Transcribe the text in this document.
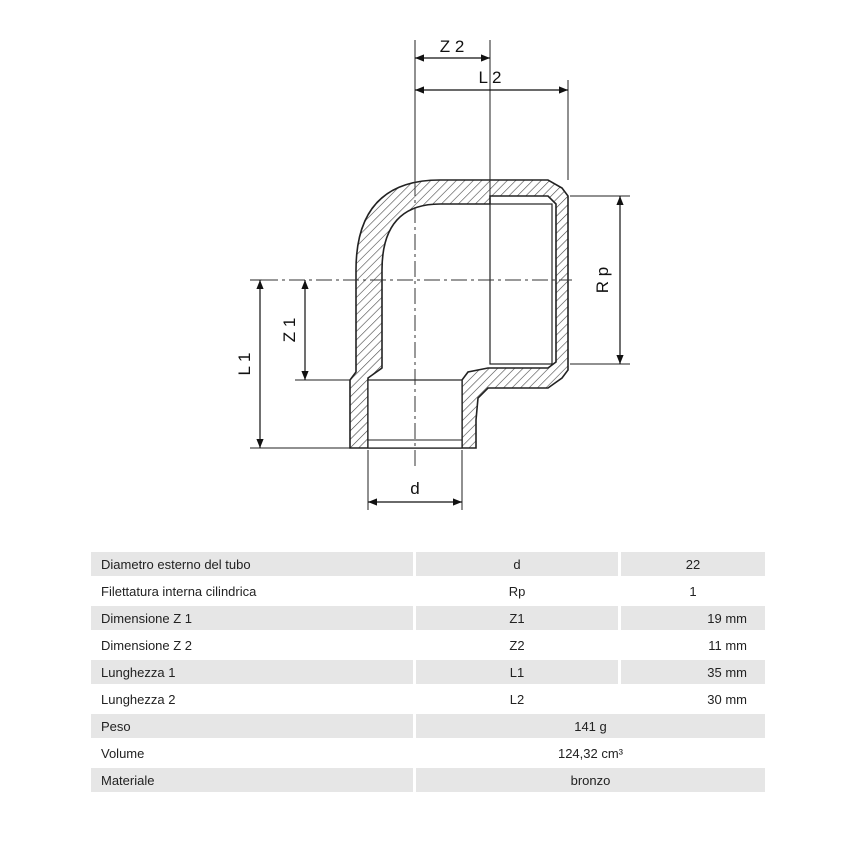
Z 2
L 2
R p
Z 1
L 1
d
Diametro esterno del tubo	d	22
Filettatura interna cilindrica	Rp	1
Dimensione Z 1	Z1	19 mm
Dimensione Z 2	Z2	11 mm
Lunghezza 1	L1	35 mm
Lunghezza 2	L2	30 mm
Peso	141 g	
Volume	124,32 cm³	
Materiale	bronzo	
